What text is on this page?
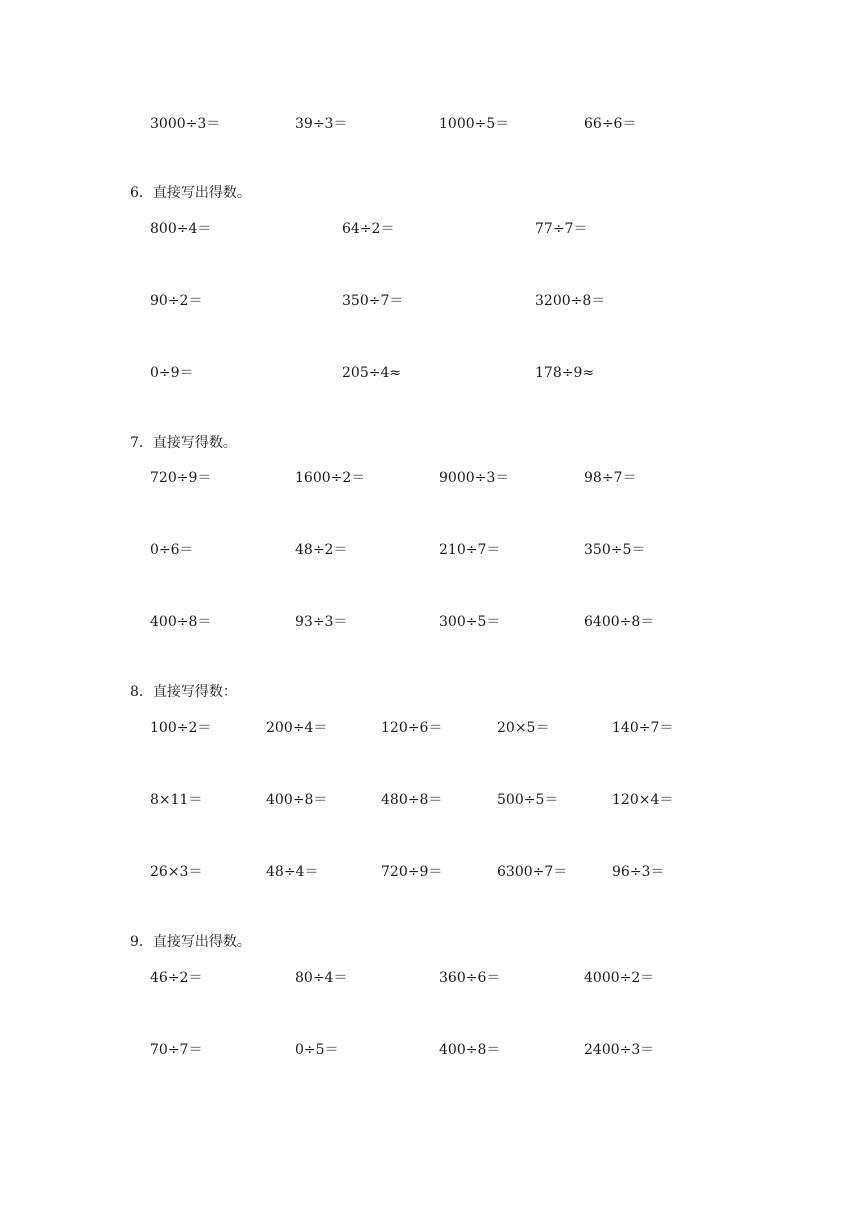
3000÷3＝	39÷3＝	1000÷5＝	66÷6＝
6．直接写出得数。
800÷4＝	64÷2＝	77÷7＝
90÷2＝	350÷7＝	3200÷8＝
0÷9＝	205÷4≈	178÷9≈
7．直接写得数。
720÷9＝	1600÷2＝	9000÷3＝	98÷7＝
0÷6＝	48÷2＝	210÷7＝	350÷5＝
400÷8＝	93÷3＝	300÷5＝	6400÷8＝
8．直接写得数：
100÷2＝	200÷4＝	120÷6＝	20×5＝	140÷7＝
8×11＝	400÷8＝	480÷8＝	500÷5＝	120×4＝
26×3＝	48÷4＝	720÷9＝	6300÷7＝	96÷3＝
9．直接写出得数。
46÷2＝	80÷4＝	360÷6＝	4000÷2＝
70÷7＝	0÷5＝	400÷8＝	2400÷3＝
